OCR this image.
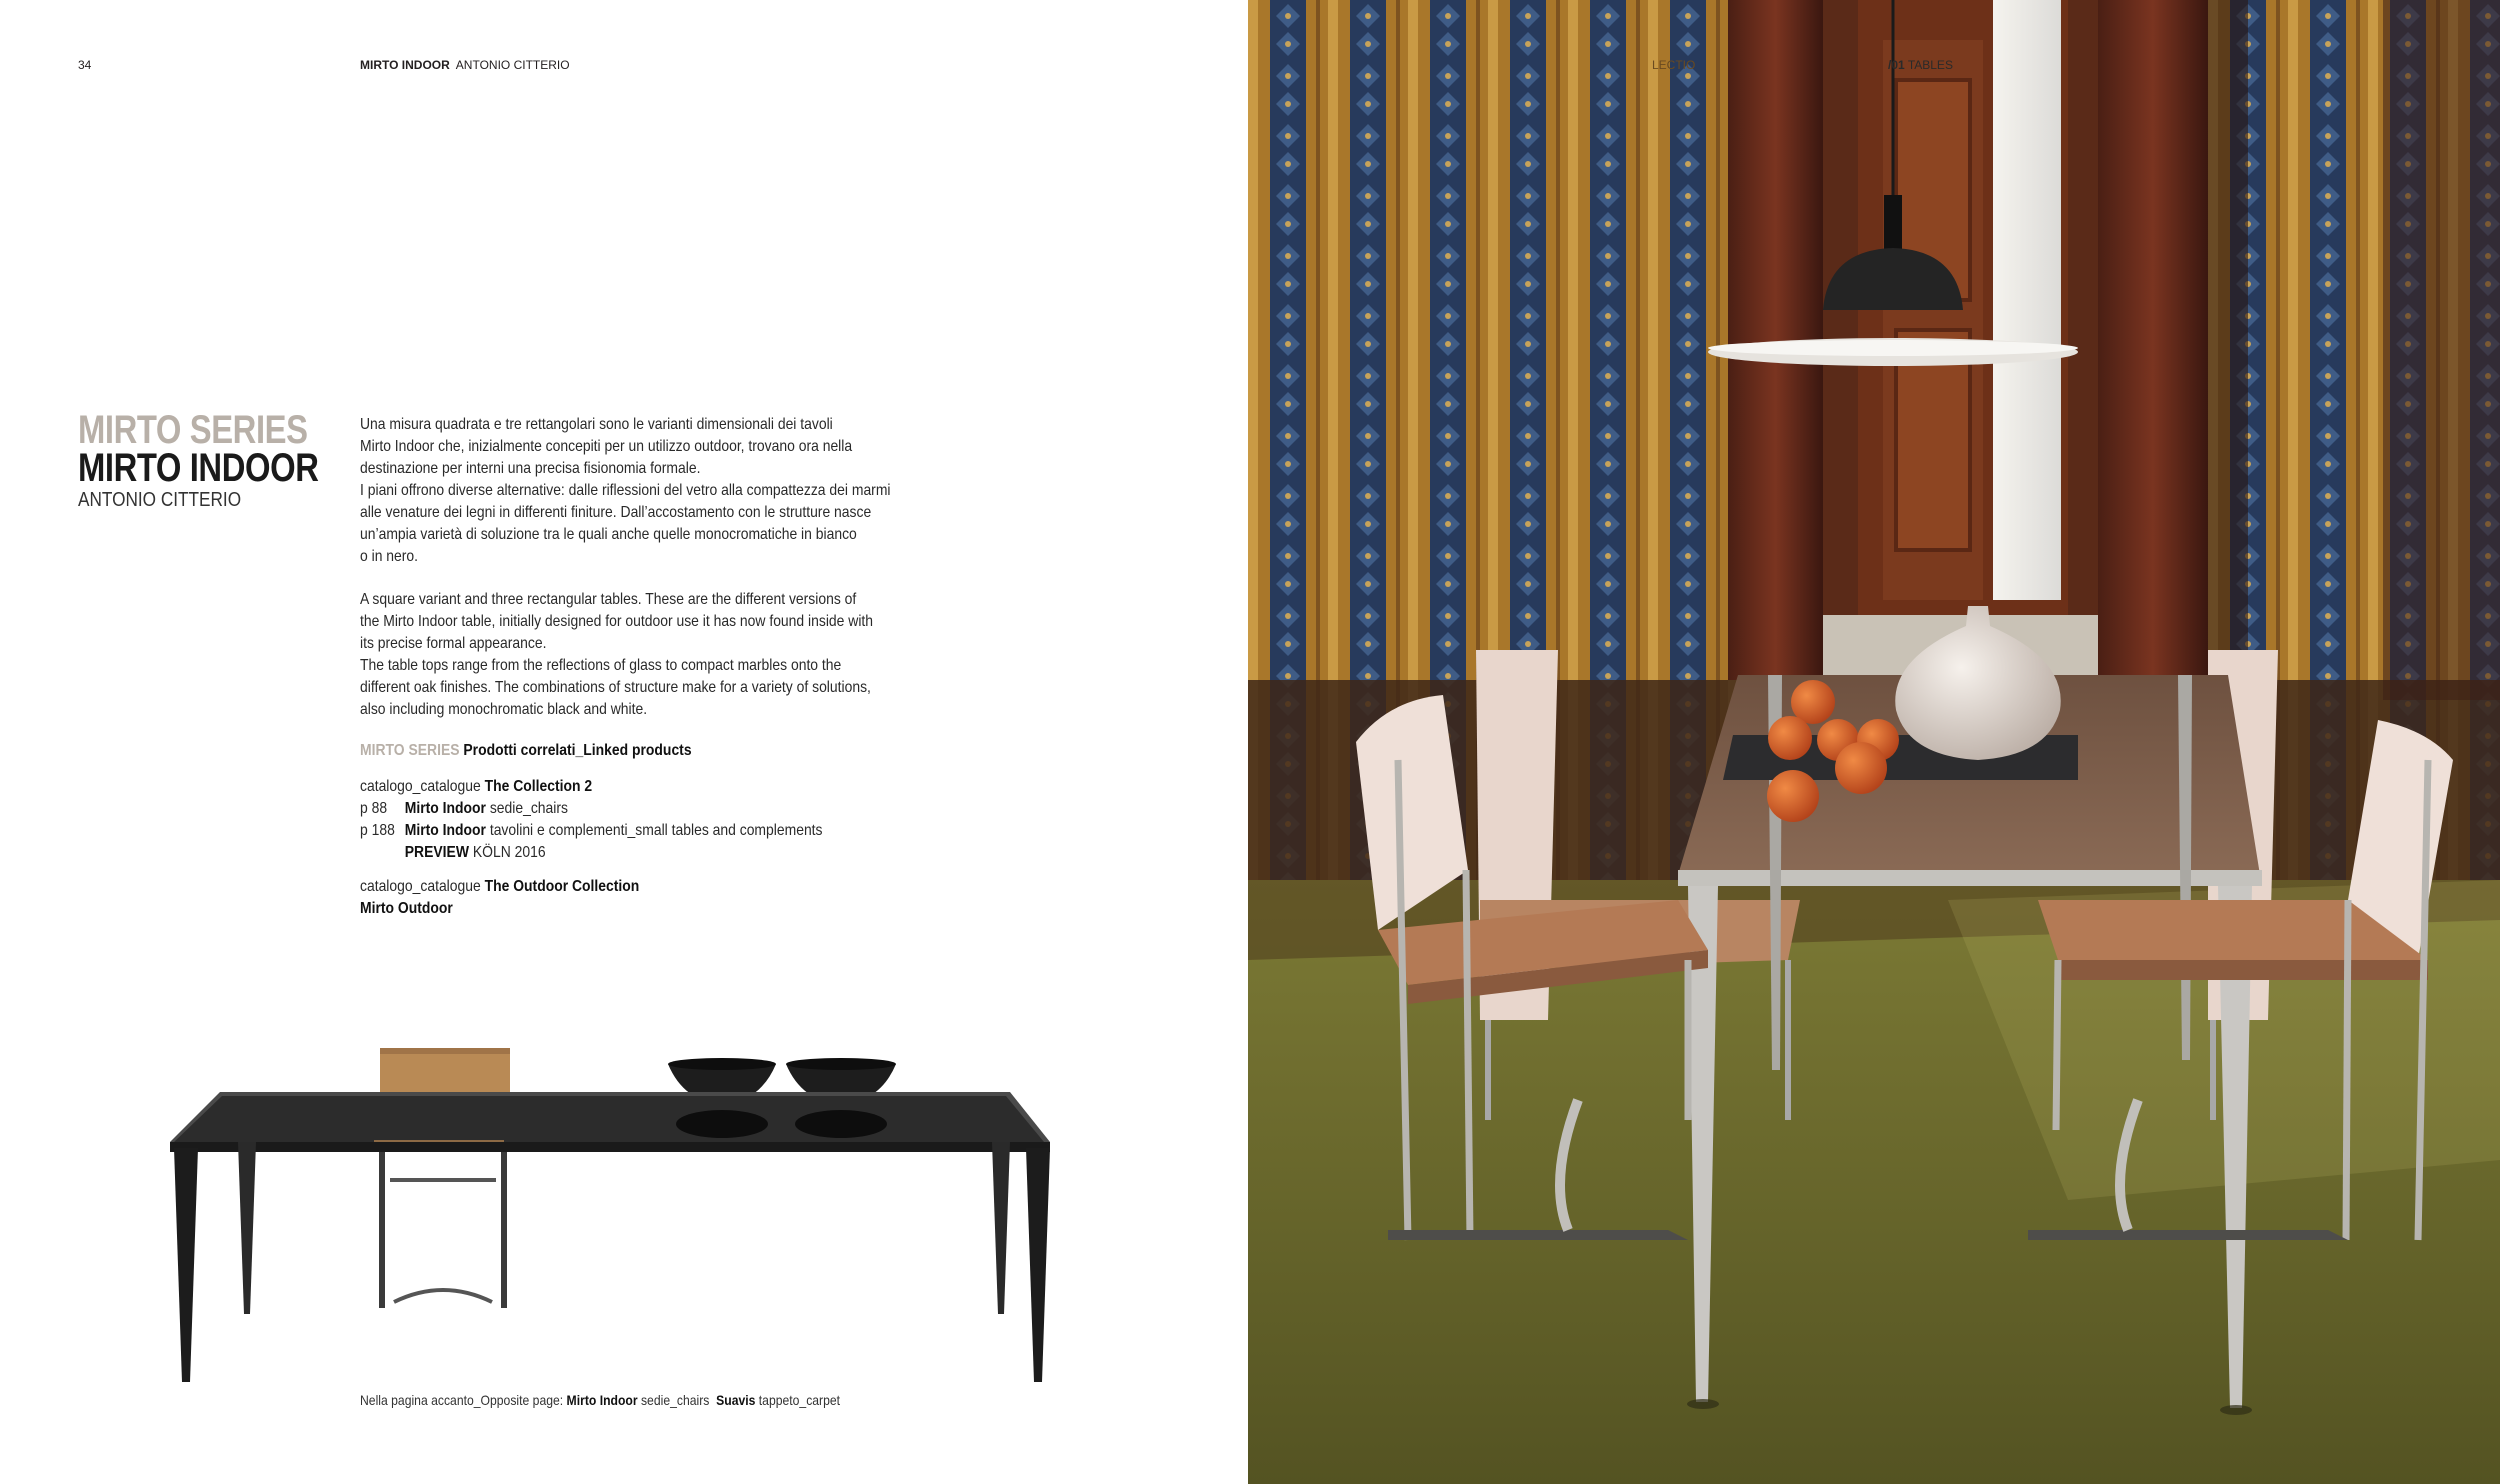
34	MIRTO INDOOR ANTONIO CITTERIO
MIRTO SERIES
MIRTO INDOOR
ANTONIO CITTERIO

Una misura quadrata e tre rettangolari sono le varianti dimensionali dei tavoli

Mirto Indoor che, inizialmente concepiti per un utilizzo outdoor, trovano ora nella

destinazione per interni una precisa fisionomia formale.

I piani offrono diverse alternative: dalle riflessioni del vetro alla compattezza dei marmi

alle venature dei legni in differenti finiture. Dall’accostamento con le strutture nasce

un’ampia varietà di soluzione tra le quali anche quelle monocromatiche in bianco

o in nero.

A square variant and three rectangular tables. These are the different versions of

the Mirto Indoor table, initially designed for outdoor use it has now found inside with

its precise formal appearance.

The table tops range from the reflections of glass to compact marbles onto the

different oak finishes. The combinations of structure make for a variety of solutions,

also including monochromatic black and white.

MIRTO SERIES Prodotti correlati_Linked products
catalogo_catalogue The Collection 2
p 88 Mirto Indoor sedie_chairs
p 188 Mirto Indoor tavolini e complementi_small tables and complements
PREVIEW KÖLN 2016
catalogo_catalogue The Outdoor Collection
Mirto Outdoor
Nella pagina accanto_Opposite page: Mirto Indoor sedie_chairs Suavis tappeto_carpet
LECTIO	/01 TABLES
